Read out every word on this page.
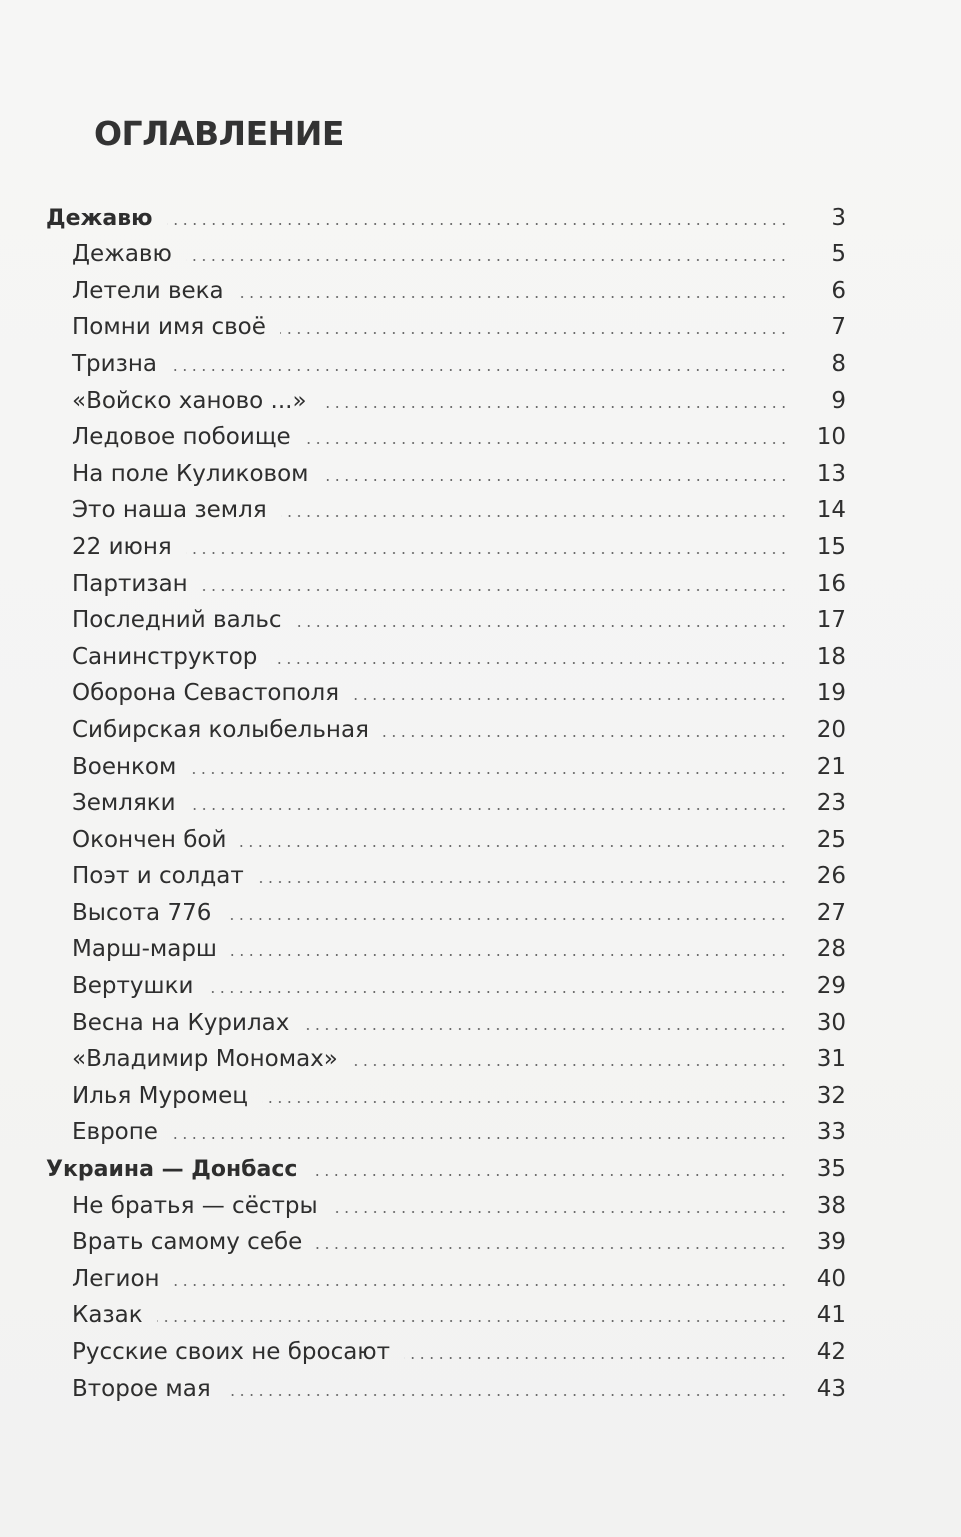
ОГЛАВЛЕНИЕ
Дежавю	3
Дежавю	5
Летели века	6
Помни имя своё	7
Тризна	8
«Войско ханово ...»	9
Ледовое побоище	10
На поле Куликовом	13
Это наша земля	14
22 июня	15
Партизан	16
Последний вальс	17
Санинструктор	18
Оборона Севастополя	19
Сибирская колыбельная	20
Военком	21
Земляки	23
Окончен бой	25
Поэт и солдат	26
Высота 776	27
Марш-марш	28
Вертушки	29
Весна на Курилах	30
«Владимир Мономах»	31
Илья Муромец	32
Европе	33
Украина — Донбасс	35
Не братья — сёстры	38
Врать самому себе	39
Легион	40
Казак	41
Русские своих не бросают	42
Второе мая	43
